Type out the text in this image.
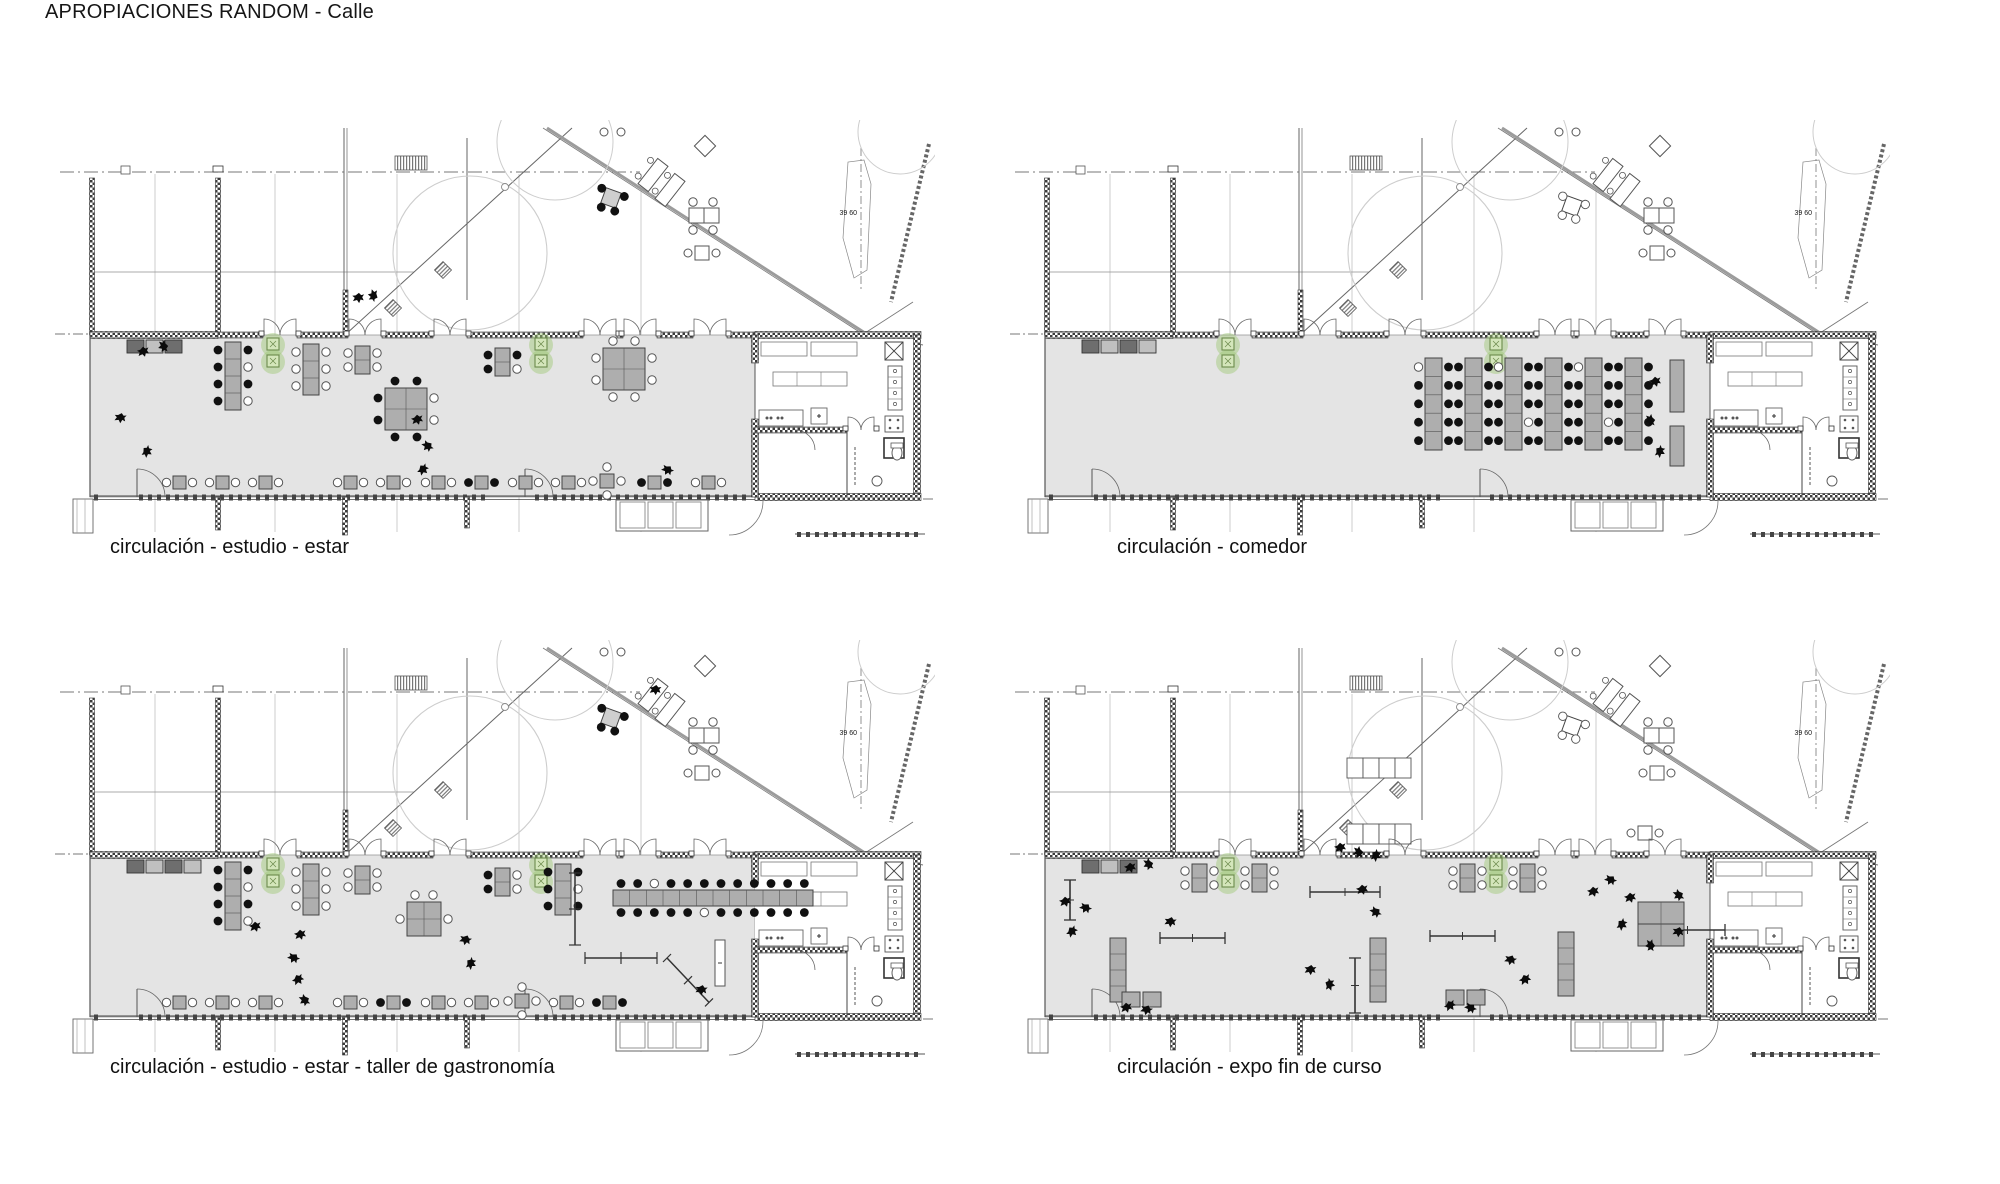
APROPIACIONES RANDOM - Calle
39 60
circulación - estudio - estar
39 60
circulación - comedor
39 60
circulación - estudio - estar - taller de gastronomía
39 60
circulación - expo fin de curso
